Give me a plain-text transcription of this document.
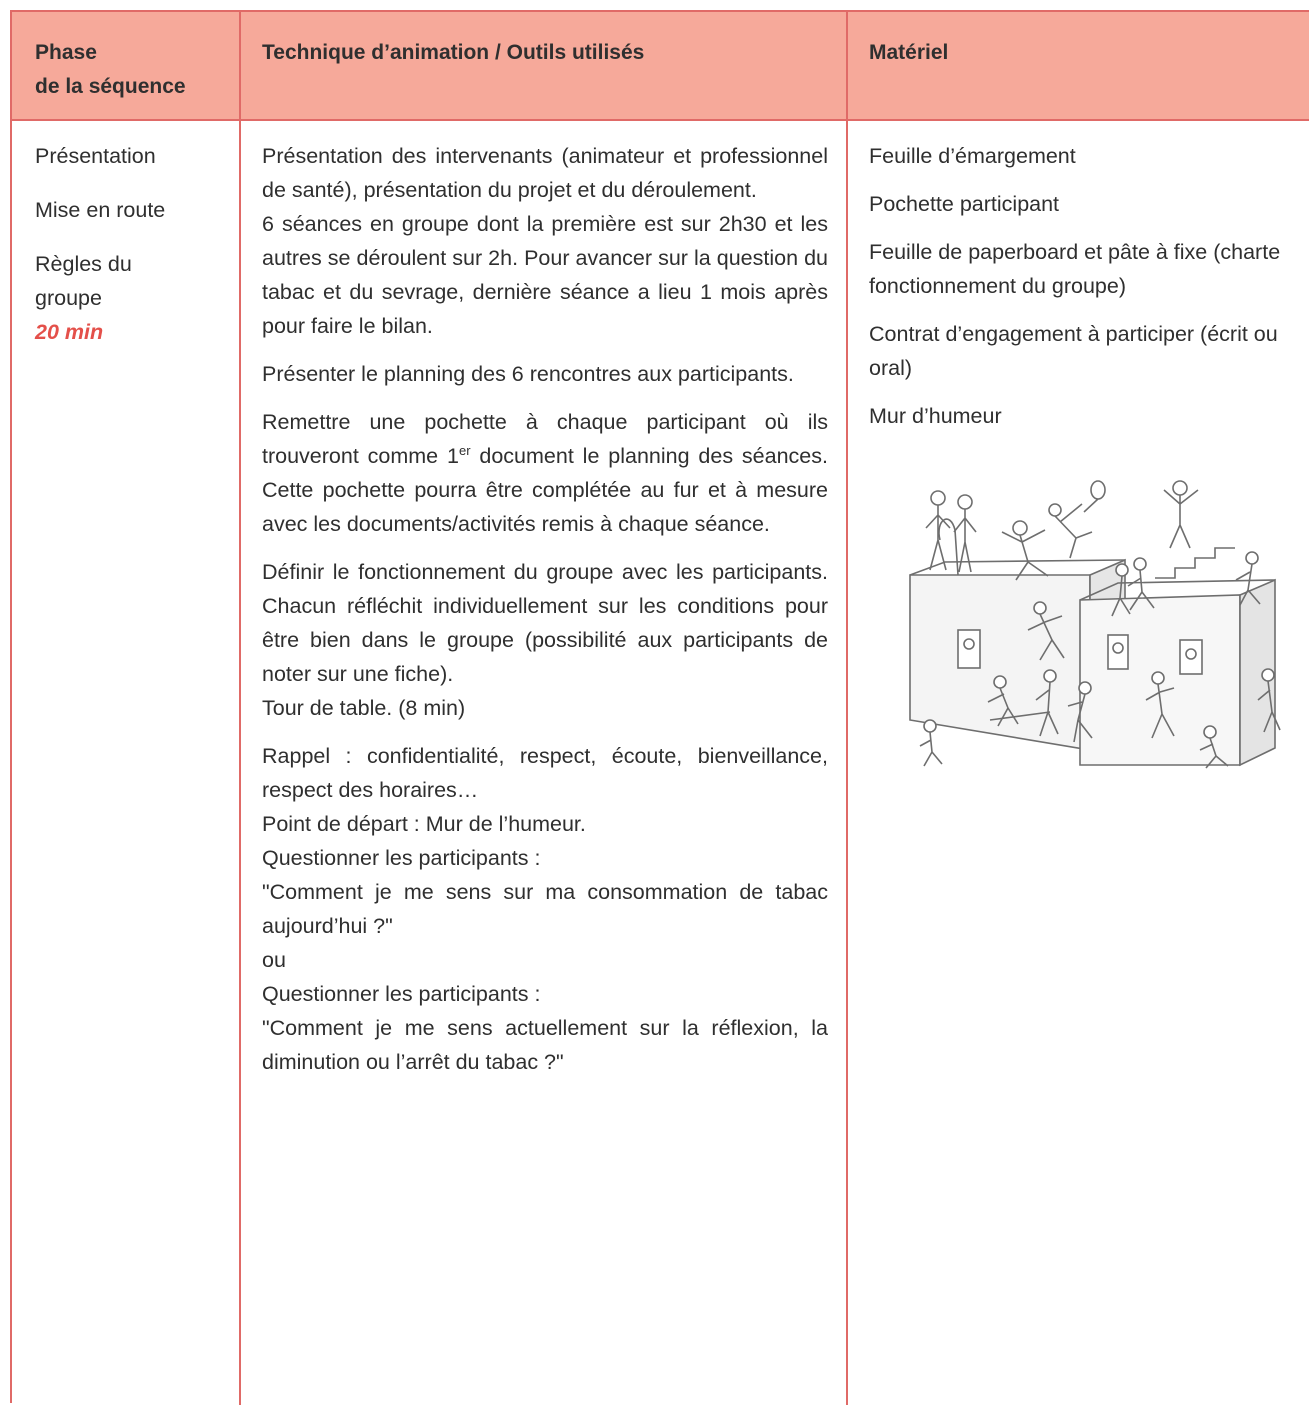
Phase
de la séquence
Technique d’animation / Outils utilisés	Matériel
Présentation
Mise en route
Règles du
groupe
20 min
Présentation des intervenants (animateur et professionnel de santé), présentation du projet et du déroulement.
6 séances en groupe dont la première est sur 2h30 et les autres se déroulent sur 2h. Pour avancer sur la question du tabac et du sevrage, dernière séance a lieu 1 mois après pour faire le bilan.
Présenter le planning des 6 rencontres aux participants.
Remettre une pochette à chaque participant où ils trouveront comme 1er document le planning des séances. Cette pochette pourra être complétée au fur et à mesure avec les documents/activités remis à chaque séance.
Définir le fonctionnement du groupe avec les participants. Chacun réfléchit individuellement sur les conditions pour être bien dans le groupe (possibilité aux participants de noter sur une fiche).
Tour de table. (8 min)
Rappel : confidentialité, respect, écoute, bienveillance, respect des horaires…
Point de départ : Mur de l’humeur.
Questionner les participants :
"Comment je me sens sur ma consommation de tabac aujourd’hui ?"
ou
Questionner les participants :
"Comment je me sens actuellement sur la réflexion, la diminution ou l’arrêt du tabac ?"
Feuille d’émargement
Pochette participant
Feuille de paperboard et pâte à fixe (charte fonctionnement du groupe)
Contrat d’engagement à participer (écrit ou oral)
Mur d’humeur
